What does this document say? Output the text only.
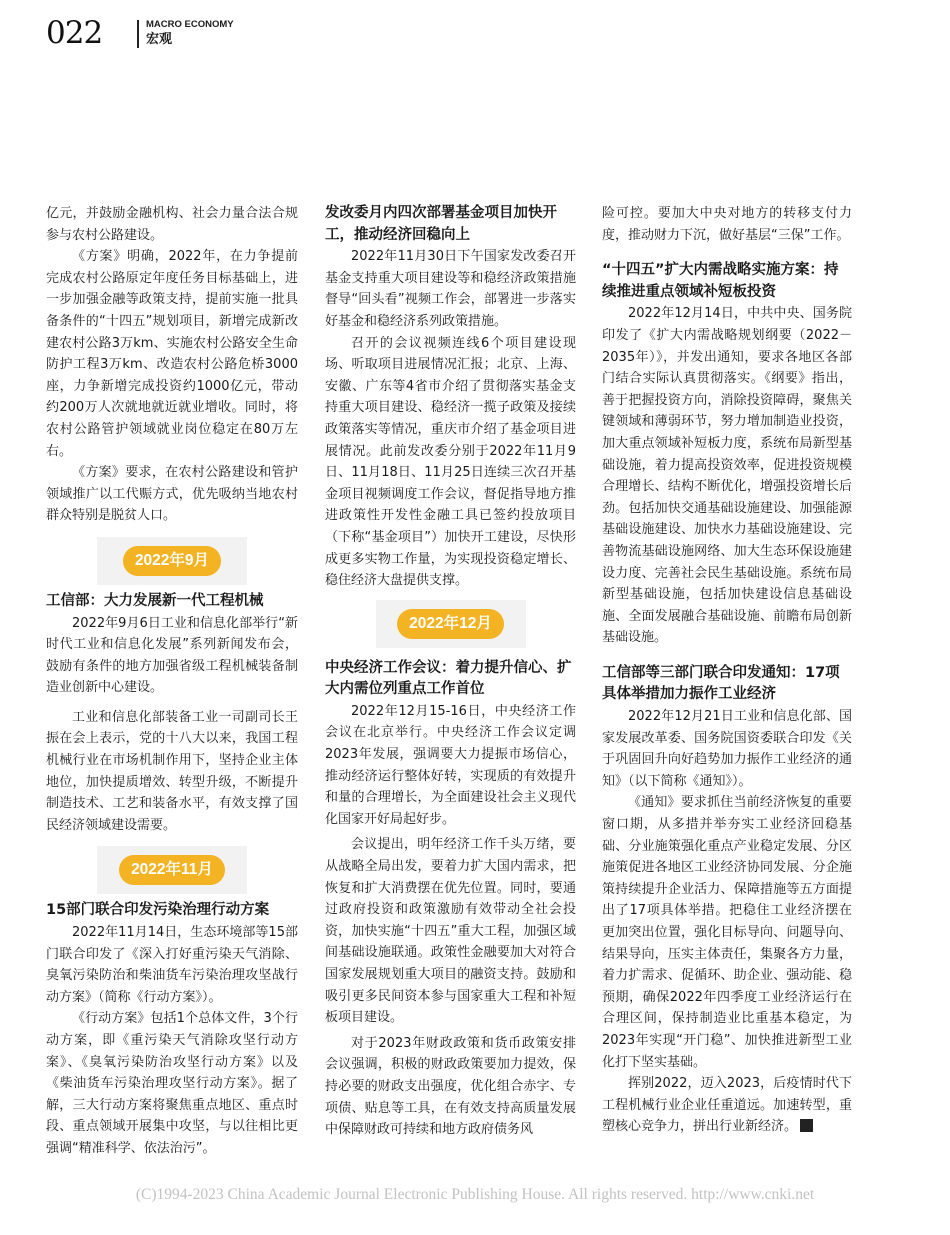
022	MACRO ECONOMY
宏观

亿元，并鼓励金融机构、社会力量合法合规参与农村公路建设。

《方案》明确，2022年，在力争提前完成农村公路原定年度任务目标基础上，进一步加强金融等政策支持，提前实施一批具备条件的“十四五”规划项目，新增完成新改建农村公路3万km、实施农村公路安全生命防护工程3万km、改造农村公路危桥3000座，力争新增完成投资约1000亿元，带动约200万人次就地就近就业增收。同时，将农村公路管护领域就业岗位稳定在80万左右。

《方案》要求，在农村公路建设和管护领域推广以工代赈方式，优先吸纳当地农村群众特别是脱贫人口。

2022年9月
工信部：大力发展新一代工程机械

2022年9月6日工业和信息化部举行“新时代工业和信息化发展”系列新闻发布会，鼓励有条件的地方加强省级工程机械装备制造业创新中心建设。

工业和信息化部装备工业一司副司长王振在会上表示，党的十八大以来，我国工程机械行业在市场机制作用下，坚持企业主体地位，加快提质增效、转型升级，不断提升制造技术、工艺和装备水平，有效支撑了国民经济领域建设需要。

2022年11月
15部门联合印发污染治理行动方案

2022年11月14日，生态环境部等15部门联合印发了《深入打好重污染天气消除、臭氧污染防治和柴油货车污染治理攻坚战行动方案》（简称《行动方案》）。

《行动方案》包括1个总体文件，3个行动方案，即《重污染天气消除攻坚行动方案》、《臭氧污染防治攻坚行动方案》以及《柴油货车污染治理攻坚行动方案》。据了解，三大行动方案将聚焦重点地区、重点时段、重点领域开展集中攻坚，与以往相比更强调“精准科学、依法治污”。

发改委月内四次部署基金项目加快开工，推动经济回稳向上

2022年11月30日下午国家发改委召开基金支持重大项目建设等和稳经济政策措施督导“回头看”视频工作会，部署进一步落实好基金和稳经济系列政策措施。

召开的会议视频连线6个项目建设现场、听取项目进展情况汇报；北京、上海、安徽、广东等4省市介绍了贯彻落实基金支持重大项目建设、稳经济一揽子政策及接续政策落实等情况，重庆市介绍了基金项目进展情况。此前发改委分别于2022年11月9日、11月18日、11月25日连续三次召开基金项目视频调度工作会议，督促指导地方推进政策性开发性金融工具已签约投放项目（下称“基金项目”）加快开工建设，尽快形成更多实物工作量，为实现投资稳定增长、稳住经济大盘提供支撑。

2022年12月
中央经济工作会议：着力提升信心、扩大内需位列重点工作首位

2022年12月15-16日，中央经济工作会议在北京举行。中央经济工作会议定调2023年发展，强调要大力提振市场信心，推动经济运行整体好转，实现质的有效提升和量的合理增长，为全面建设社会主义现代化国家开好局起好步。

会议提出，明年经济工作千头万绪，要从战略全局出发，要着力扩大国内需求，把恢复和扩大消费摆在优先位置。同时，要通过政府投资和政策激励有效带动全社会投资，加快实施“十四五”重大工程，加强区域间基础设施联通。政策性金融要加大对符合国家发展规划重大项目的融资支持。鼓励和吸引更多民间资本参与国家重大工程和补短板项目建设。

对于2023年财政政策和货币政策安排会议强调，积极的财政政策要加力提效，保持必要的财政支出强度，优化组合赤字、专项债、贴息等工具，在有效支持高质量发展中保障财政可持续和地方政府债务风

险可控。要加大中央对地方的转移支付力度，推动财力下沉，做好基层“三保”工作。

“十四五”扩大内需战略实施方案：持续推进重点领域补短板投资

2022年12月14日，中共中央、国务院印发了《扩大内需战略规划纲要（2022－2035年）》，并发出通知，要求各地区各部门结合实际认真贯彻落实。《纲要》指出，善于把握投资方向，消除投资障碍，聚焦关键领域和薄弱环节，努力增加制造业投资，加大重点领域补短板力度，系统布局新型基础设施，着力提高投资效率，促进投资规模合理增长、结构不断优化，增强投资增长后劲。包括加快交通基础设施建设、加强能源基础设施建设、加快水力基础设施建设、完善物流基础设施网络、加大生态环保设施建设力度、完善社会民生基础设施。系统布局新型基础设施，包括加快建设信息基础设施、全面发展融合基础设施、前瞻布局创新基础设施。

工信部等三部门联合印发通知：17项具体举措加力振作工业经济

2022年12月21日工业和信息化部、国家发展改革委、国务院国资委联合印发《关于巩固回升向好趋势加力振作工业经济的通知》（以下简称《通知》）。

《通知》要求抓住当前经济恢复的重要窗口期，从多措并举夯实工业经济回稳基础、分业施策强化重点产业稳定发展、分区施策促进各地区工业经济协同发展、分企施策持续提升企业活力、保障措施等五方面提出了17项具体举措。把稳住工业经济摆在更加突出位置，强化目标导向、问题导向、结果导向，压实主体责任，集聚各方力量，着力扩需求、促循环、助企业、强动能、稳预期，确保2022年四季度工业经济运行在合理区间，保持制造业比重基本稳定，为2023年实现“开门稳”、加快推进新型工业化打下坚实基础。

挥别2022，迈入2023，后疫情时代下工程机械行业企业任重道远。加速转型，重塑核心竞争力，拼出行业新经济。

(C)1994-2023 China Academic Journal Electronic Publishing House. All rights reserved. http://www.cnki.net
